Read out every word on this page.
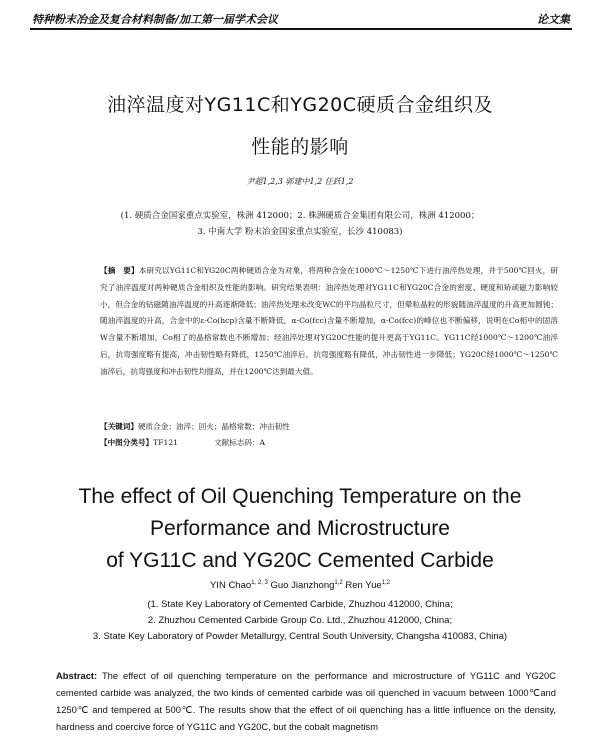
特种粉末冶金及复合材料制备/加工第一届学术会议	论文集
油淬温度对YG11C和YG20C硬质合金组织及
性能的影响
尹超1,2,3 郭建中1,2 任跃1,2
(1. 硬质合金国家重点实验室，株洲 412000；2. 株洲硬质合金集团有限公司，株洲 412000；
3. 中南大学 粉末冶金国家重点实验室，长沙 410083)
【摘　要】本研究以YG11C和YG20C两种硬质合金为对象，将两种合金在1000℃～1250℃下进行油淬热处理，并于500℃回火，研究了油淬温度对两种硬质合金组织及性能的影响。研究结果表明：油淬热处理对YG11C和YG20C合金的密度、硬度和矫顽磁力影响较小，但合金的钴磁随油淬温度的升高逐渐降低；油淬热处理未改变WC的平均晶粒尺寸，但晕粒晶粒的形貌随油淬温度的升高更加圆钝；随油淬温度的升高，合金中的ε-Co(hcp)含量不断降低，α-Co(fcc)含量不断增加，α-Co(fcc)的峰位也不断偏移，说明在Co相中的固溶W含量不断增加，Co相了的晶格常数也不断增加；经油淬处理对YG20C性能的提升更高于YG11C。YG11C经1000℃～1200℃油淬后，抗弯强度略有提高，冲击韧性略有降低，1250℃油淬后，抗弯强度略有降低，冲击韧性进一步降低；YG20C经1000℃～1250℃油淬后，抗弯强度和冲击韧性均提高，并在1200℃达到最大值。
【关键词】硬质合金；油淬；回火；晶格常数；冲击韧性
【中图分类号】TF121	文献标志码：A
The effect of Oil Quenching Temperature on the
Performance and Microstructure
of YG11C and YG20C Cemented Carbide
YIN Chao$^{1, 2, 3}$ Guo Jianzhong$^{1,2}$ Ren Yue$^{1,2}$
(1. State Key Laboratory of Cemented Carbide, Zhuzhou 412000, China;
2. Zhuzhou Cemented Carbide Group Co. Ltd., Zhuzhou 412000, China;
3. State Key Laboratory of Powder Metallurgy, Central South University, Changsha 410083, China)
Abstract: The effect of oil quenching temperature on the performance and microstructure of YG11C and YG20C cemented carbide was analyzed, the two kinds of cemented carbide was oil quenched in vacuum between 1000℃and 1250℃ and tempered at 500℃. The results show that the effect of oil quenching has a little influence on the density, hardness and coercive force of YG11C and YG20C, but the cobalt magnetism
